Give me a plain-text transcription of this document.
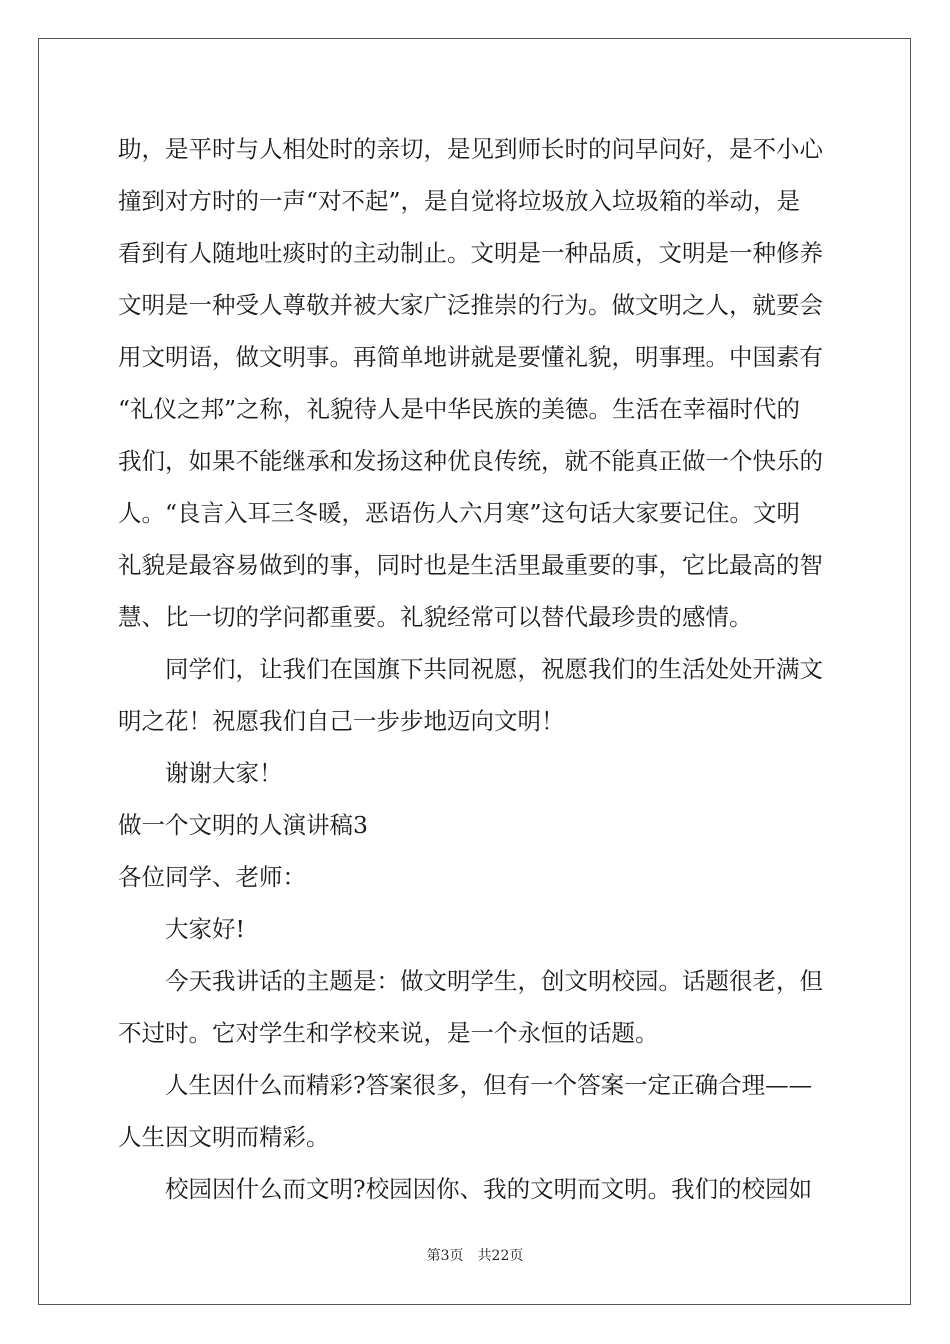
助，是平时与人相处时的亲切，是见到师长时的问早问好，是不小心
撞到对方时的一声“对不起”，是自觉将垃圾放入垃圾箱的举动，是
看到有人随地吐痰时的主动制止。文明是一种品质，文明是一种修养
文明是一种受人尊敬并被大家广泛推崇的行为。做文明之人，就要会
用文明语，做文明事。再简单地讲就是要懂礼貌，明事理。中国素有
“礼仪之邦”之称，礼貌待人是中华民族的美德。生活在幸福时代的
我们，如果不能继承和发扬这种优良传统，就不能真正做一个快乐的
人。“良言入耳三冬暖，恶语伤人六月寒”这句话大家要记住。文明
礼貌是最容易做到的事，同时也是生活里最重要的事，它比最高的智
慧、比一切的学问都重要。礼貌经常可以替代最珍贵的感情。
同学们，让我们在国旗下共同祝愿，祝愿我们的生活处处开满文
明之花！祝愿我们自己一步步地迈向文明！
谢谢大家！
做一个文明的人演讲稿3
各位同学、老师：
大家好!
今天我讲话的主题是：做文明学生，创文明校园。话题很老，但
不过时。它对学生和学校来说，是一个永恒的话题。
人生因什么而精彩?答案很多，但有一个答案一定正确合理——
人生因文明而精彩。
校园因什么而文明?校园因你、我的文明而文明。我们的校园如
第3页 共22页
